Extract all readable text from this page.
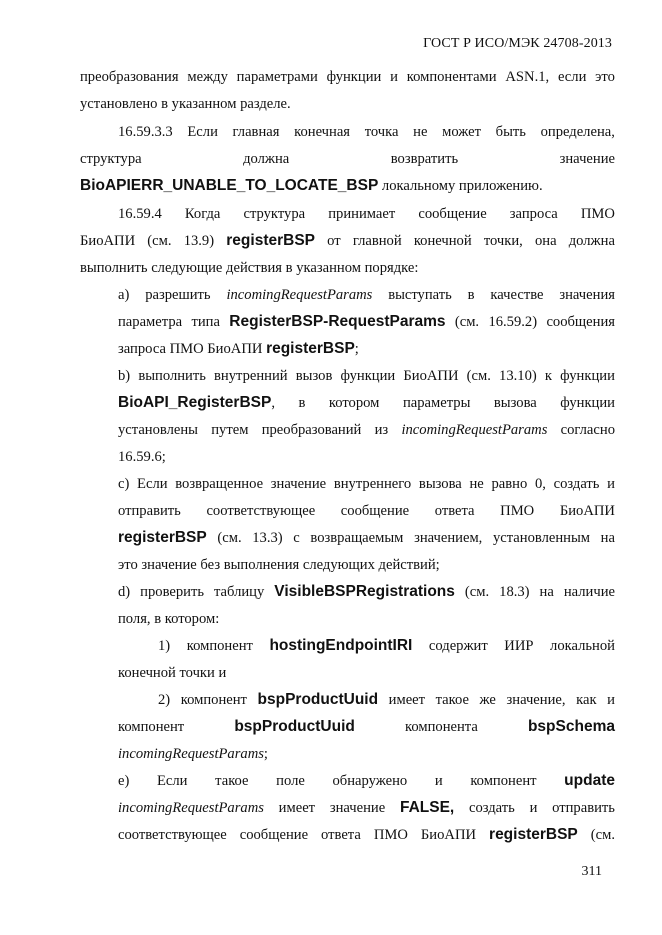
ГОСТ Р ИСО/МЭК 24708-2013
преобразования между параметрами функции и компонентами ASN.1, если это
установлено в указанном разделе.
16.59.3.3 Если главная конечная точка не может быть определена,
структура	должна	возвратить	значение
BioAPIERR_UNABLE_TO_LOCATE_BSP локальному приложению.
16.59.4 Когда структура принимает сообщение запроса ПМО
БиоАПИ (см. 13.9) registerBSP от главной конечной точки, она должна
выполнить следующие действия в указанном порядке:
а) разрешить incomingRequestParams выступать в качестве значения
параметра типа RegisterBSP-RequestParams (см. 16.59.2) сообщения
запроса ПМО БиоАПИ registerBSP;
b) выполнить внутренний вызов функции БиоАПИ (см. 13.10) к функции
BioAPI_RegisterBSP, в котором параметры вызова функции
установлены путем преобразований из incomingRequestParams согласно
16.59.6;
с) Если возвращенное значение внутреннего вызова не равно 0, создать и
отправить соответствующее сообщение ответа ПМО БиоАПИ
registerBSP (см. 13.3) с возвращаемым значением, установленным на
это значение без выполнения следующих действий;
d) проверить таблицу VisibleBSPRegistrations (см. 18.3) на наличие
поля, в котором:
1) компонент hostingEndpointIRI содержит ИИР локальной
конечной точки и
2) компонент bspProductUuid имеет такое же значение, как и
компонент	bspProductUuid	компонента	bspSchema
incomingRequestParams;
е) Если такое поле обнаружено и компонент update
incomingRequestParams имеет значение FALSE, создать и отправить
соответствующее сообщение ответа ПМО БиоАПИ registerBSP (см.
311
